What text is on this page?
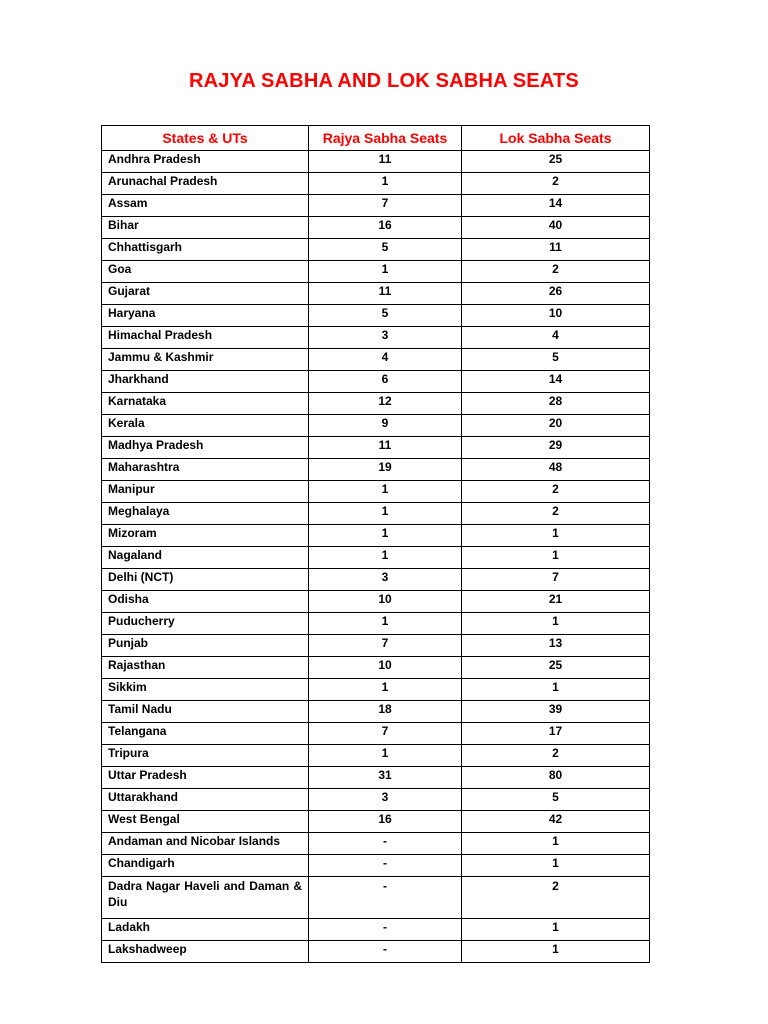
RAJYA SABHA AND LOK SABHA SEATS
States & UTs	Rajya Sabha Seats	Lok Sabha Seats
Andhra Pradesh	11	25
Arunachal Pradesh	1	2
Assam	7	14
Bihar	16	40
Chhattisgarh	5	11
Goa	1	2
Gujarat	11	26
Haryana	5	10
Himachal Pradesh	3	4
Jammu & Kashmir	4	5
Jharkhand	6	14
Karnataka	12	28
Kerala	9	20
Madhya Pradesh	11	29
Maharashtra	19	48
Manipur	1	2
Meghalaya	1	2
Mizoram	1	1
Nagaland	1	1
Delhi (NCT)	3	7
Odisha	10	21
Puducherry	1	1
Punjab	7	13
Rajasthan	10	25
Sikkim	1	1
Tamil Nadu	18	39
Telangana	7	17
Tripura	1	2
Uttar Pradesh	31	80
Uttarakhand	3	5
West Bengal	16	42
Andaman and Nicobar Islands	-	1
Chandigarh	-	1
Dadra Nagar Haveli and Daman & Diu	-	2
Ladakh	-	1
Lakshadweep	-	1
